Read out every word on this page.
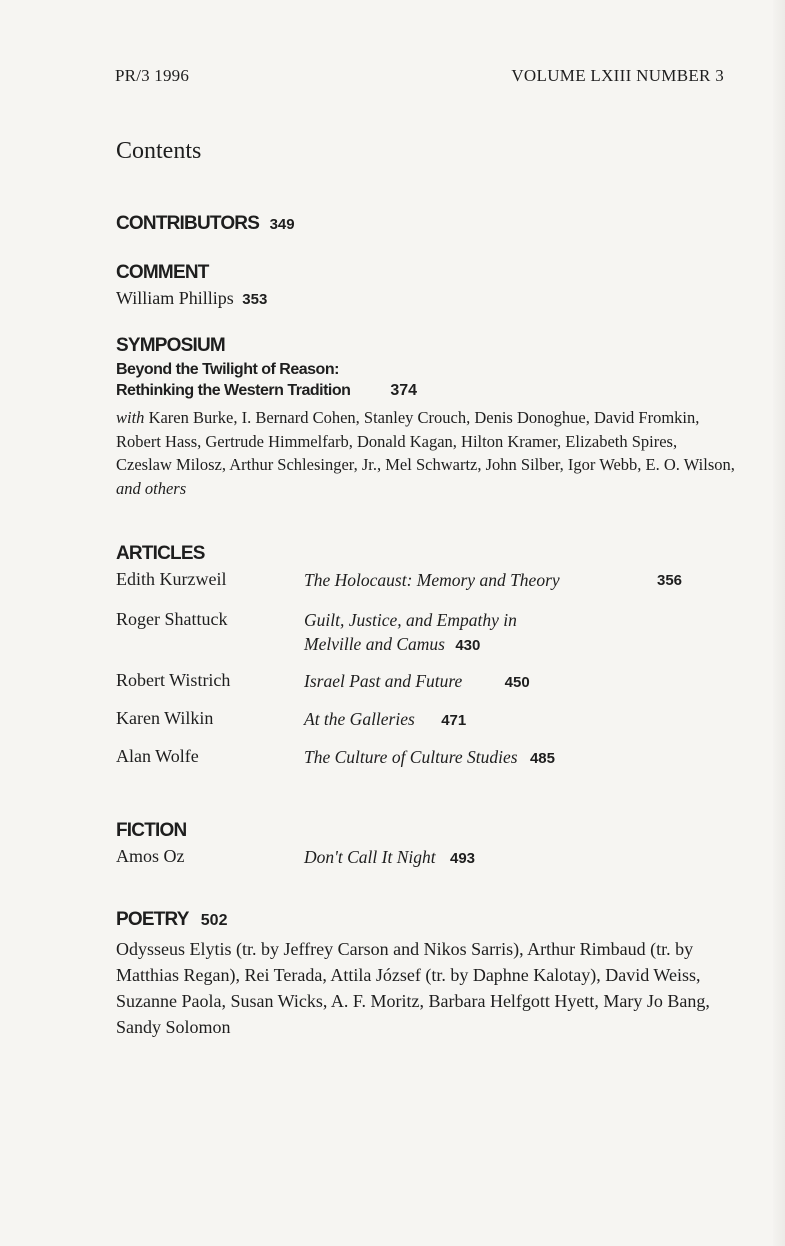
PR/3 1996	VOLUME LXIII NUMBER 3
Contents
CONTRIBUTORS 349
COMMENT
William Phillips 353
SYMPOSIUM
Beyond the Twilight of Reason:
Rethinking the Western Tradition 374
with Karen Burke, I. Bernard Cohen, Stanley Crouch, Denis Donoghue, David Fromkin, Robert Hass, Gertrude Himmelfarb, Donald Kagan, Hilton Kramer, Elizabeth Spires, Czeslaw Milosz, Arthur Schlesinger, Jr., Mel Schwartz, John Silber, Igor Webb, E. O. Wilson, and others
ARTICLES
Edith Kurzweil	The Holocaust: Memory and Theory	356
Roger Shattuck	Guilt, Justice, and Empathy in
Melville and Camus 430
Robert Wistrich	Israel Past and Future	450
Karen Wilkin	At the Galleries 471
Alan Wolfe	The Culture of Culture Studies 485
FICTION
Amos Oz	Don't Call It Night 493
POETRY 502
Odysseus Elytis (tr. by Jeffrey Carson and Nikos Sarris), Arthur Rimbaud (tr. by Matthias Regan), Rei Terada, Attila József (tr. by Daphne Kalotay), David Weiss, Suzanne Paola, Susan Wicks, A. F. Moritz, Barbara Helfgott Hyett, Mary Jo Bang, Sandy Solomon
